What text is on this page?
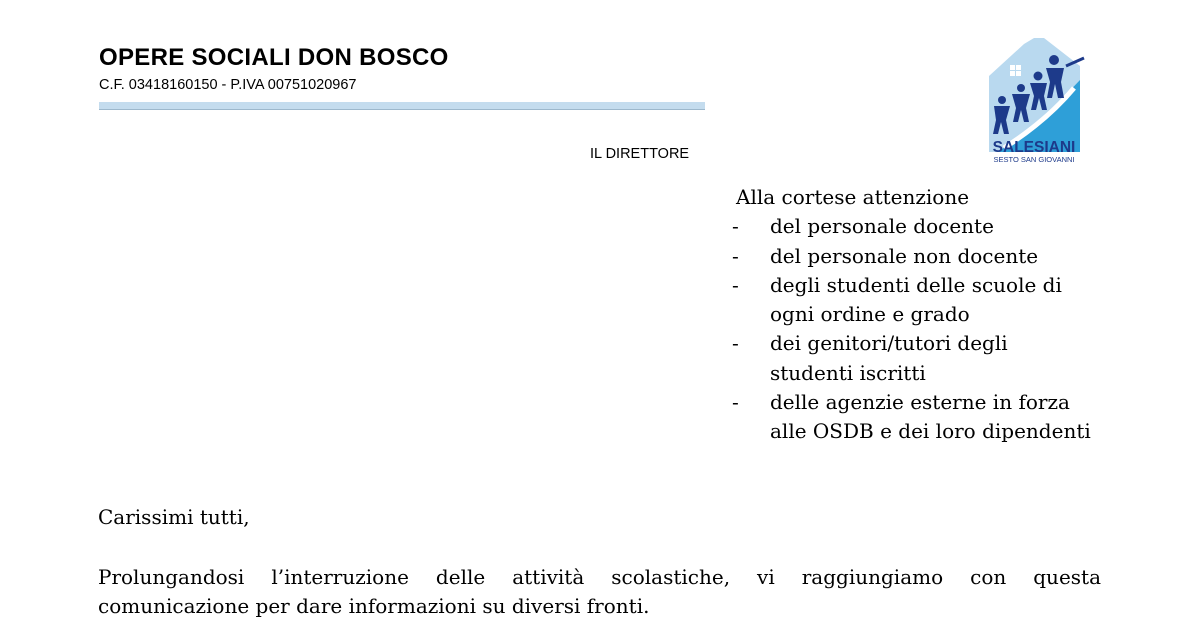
OPERE SOCIALI DON BOSCO
C.F. 03418160150 - P.IVA 00751020967
IL DIRETTORE	SALESIANI
SESTO SAN GIOVANNI
Alla cortese attenzione
- del personale docente
- del personale non docente
- degli studenti delle scuole di
ogni ordine e grado
- dei genitori/tutori degli
studenti iscritti
- delle agenzie esterne in forza
alle OSDB e dei loro dipendenti
Carissimi tutti,
Prolungandosi l’interruzione delle attività scolastiche, vi raggiungiamo con questa
comunicazione per dare informazioni su diversi fronti.
